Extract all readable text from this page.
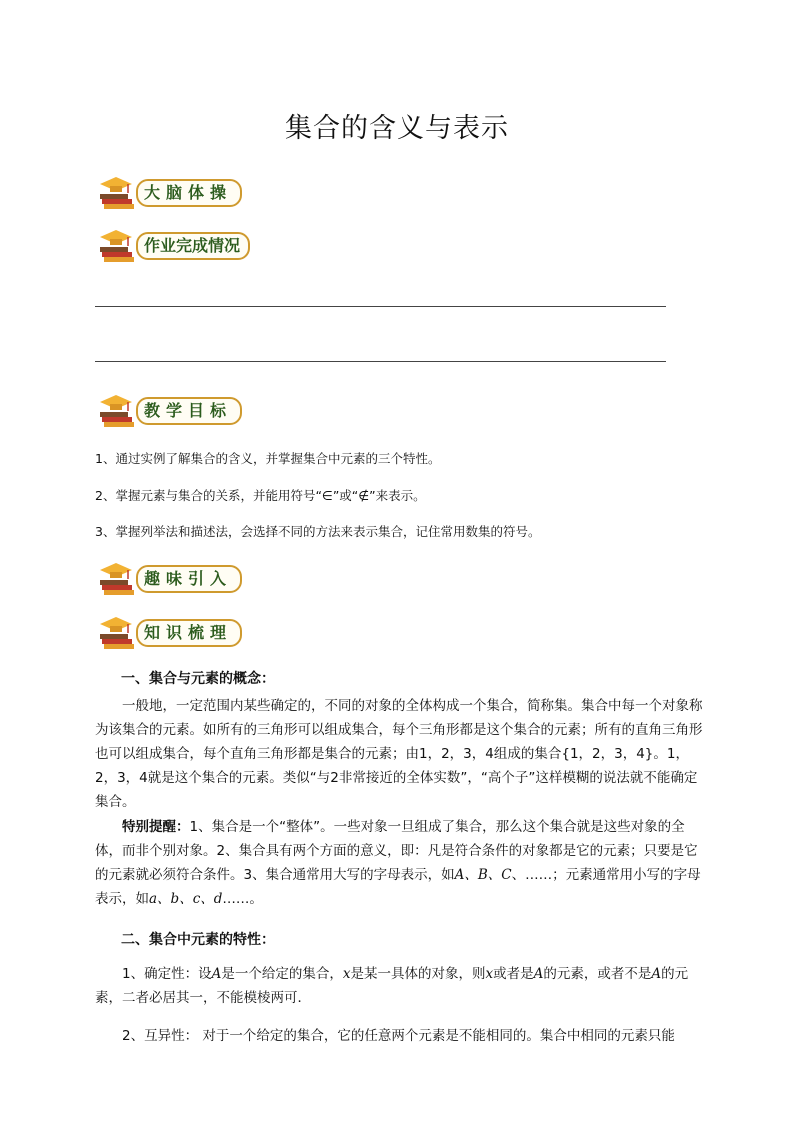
集合的含义与表示
大脑体操
作业完成情况
教学目标
1、通过实例了解集合的含义，并掌握集合中元素的三个特性。
2、掌握元素与集合的关系，并能用符号“∈”或“∉”来表示。
3、掌握列举法和描述法，会选择不同的方法来表示集合，记住常用数集的符号。
趣味引入
知识梳理
一、集合与元素的概念：
一般地，一定范围内某些确定的，不同的对象的全体构成一个集合，简称集。集合中每一个对象称为该集合的元素。如所有的三角形可以组成集合，每个三角形都是这个集合的元素；所有的直角三角形也可以组成集合，每个直角三角形都是集合的元素；由1，2，3，4组成的集合{1，2，3，4}。1，2，3，4就是这个集合的元素。类似“与2非常接近的全体实数”，“高个子”这样模糊的说法就不能确定集合。
特别提醒：1、集合是一个“整体”。一些对象一旦组成了集合，那么这个集合就是这些对象的全体，而非个别对象。2、集合具有两个方面的意义，即：凡是符合条件的对象都是它的元素；只要是它的元素就必须符合条件。3、集合通常用大写的字母表示，如A、B、C、……；元素通常用小写的字母表示，如a、b、c、d……。
二、集合中元素的特性：
1、确定性：设A是一个给定的集合，x是某一具体的对象，则x或者是A的元素，或者不是A的元素，二者必居其一，不能模棱两可．
2、互异性： 对于一个给定的集合，它的任意两个元素是不能相同的。集合中相同的元素只能
